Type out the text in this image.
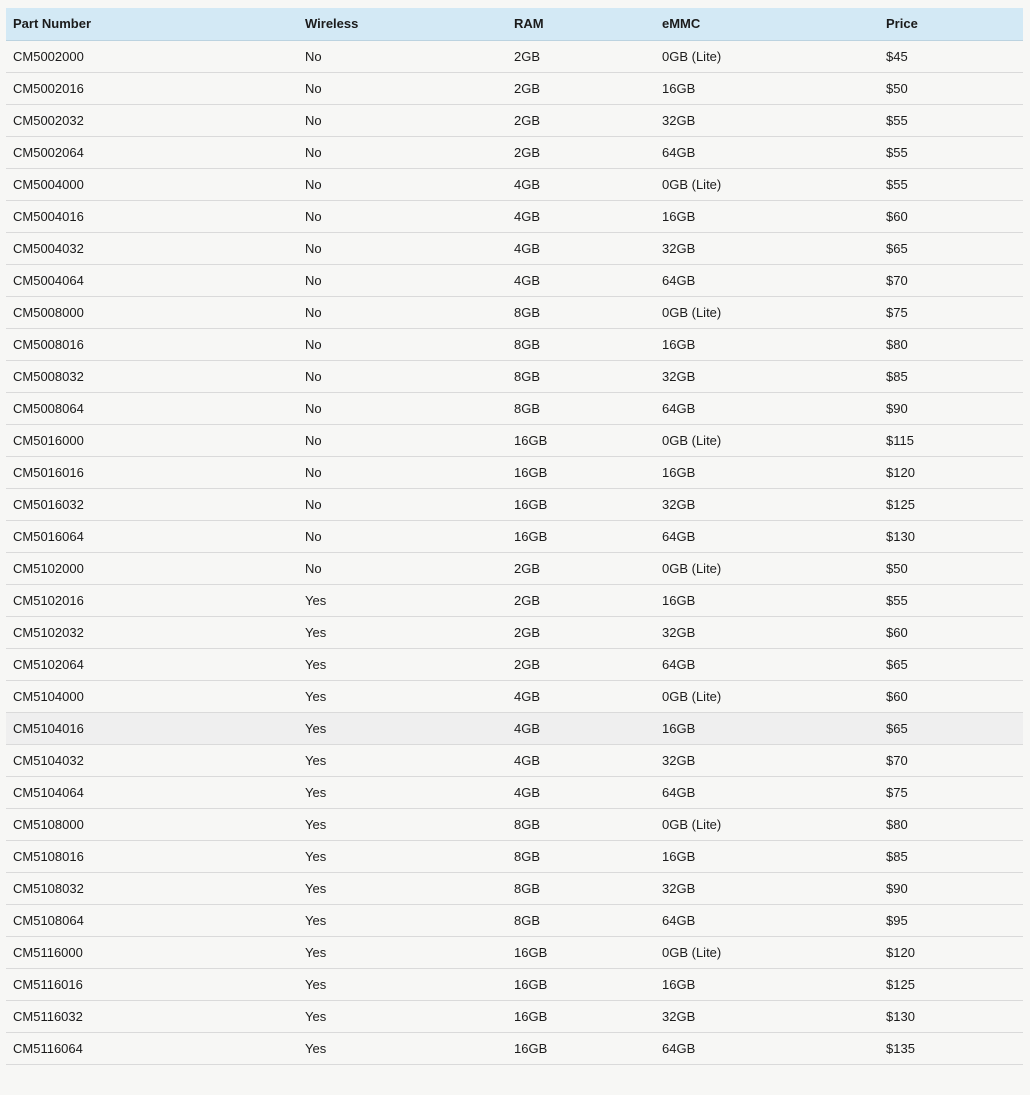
Part Number	Wireless	RAM	eMMC	Price
CM5002000	No	2GB	0GB (Lite)	$45
CM5002016	No	2GB	16GB	$50
CM5002032	No	2GB	32GB	$55
CM5002064	No	2GB	64GB	$55
CM5004000	No	4GB	0GB (Lite)	$55
CM5004016	No	4GB	16GB	$60
CM5004032	No	4GB	32GB	$65
CM5004064	No	4GB	64GB	$70
CM5008000	No	8GB	0GB (Lite)	$75
CM5008016	No	8GB	16GB	$80
CM5008032	No	8GB	32GB	$85
CM5008064	No	8GB	64GB	$90
CM5016000	No	16GB	0GB (Lite)	$115
CM5016016	No	16GB	16GB	$120
CM5016032	No	16GB	32GB	$125
CM5016064	No	16GB	64GB	$130
CM5102000	No	2GB	0GB (Lite)	$50
CM5102016	Yes	2GB	16GB	$55
CM5102032	Yes	2GB	32GB	$60
CM5102064	Yes	2GB	64GB	$65
CM5104000	Yes	4GB	0GB (Lite)	$60
CM5104016	Yes	4GB	16GB	$65
CM5104032	Yes	4GB	32GB	$70
CM5104064	Yes	4GB	64GB	$75
CM5108000	Yes	8GB	0GB (Lite)	$80
CM5108016	Yes	8GB	16GB	$85
CM5108032	Yes	8GB	32GB	$90
CM5108064	Yes	8GB	64GB	$95
CM5116000	Yes	16GB	0GB (Lite)	$120
CM5116016	Yes	16GB	16GB	$125
CM5116032	Yes	16GB	32GB	$130
CM5116064	Yes	16GB	64GB	$135
